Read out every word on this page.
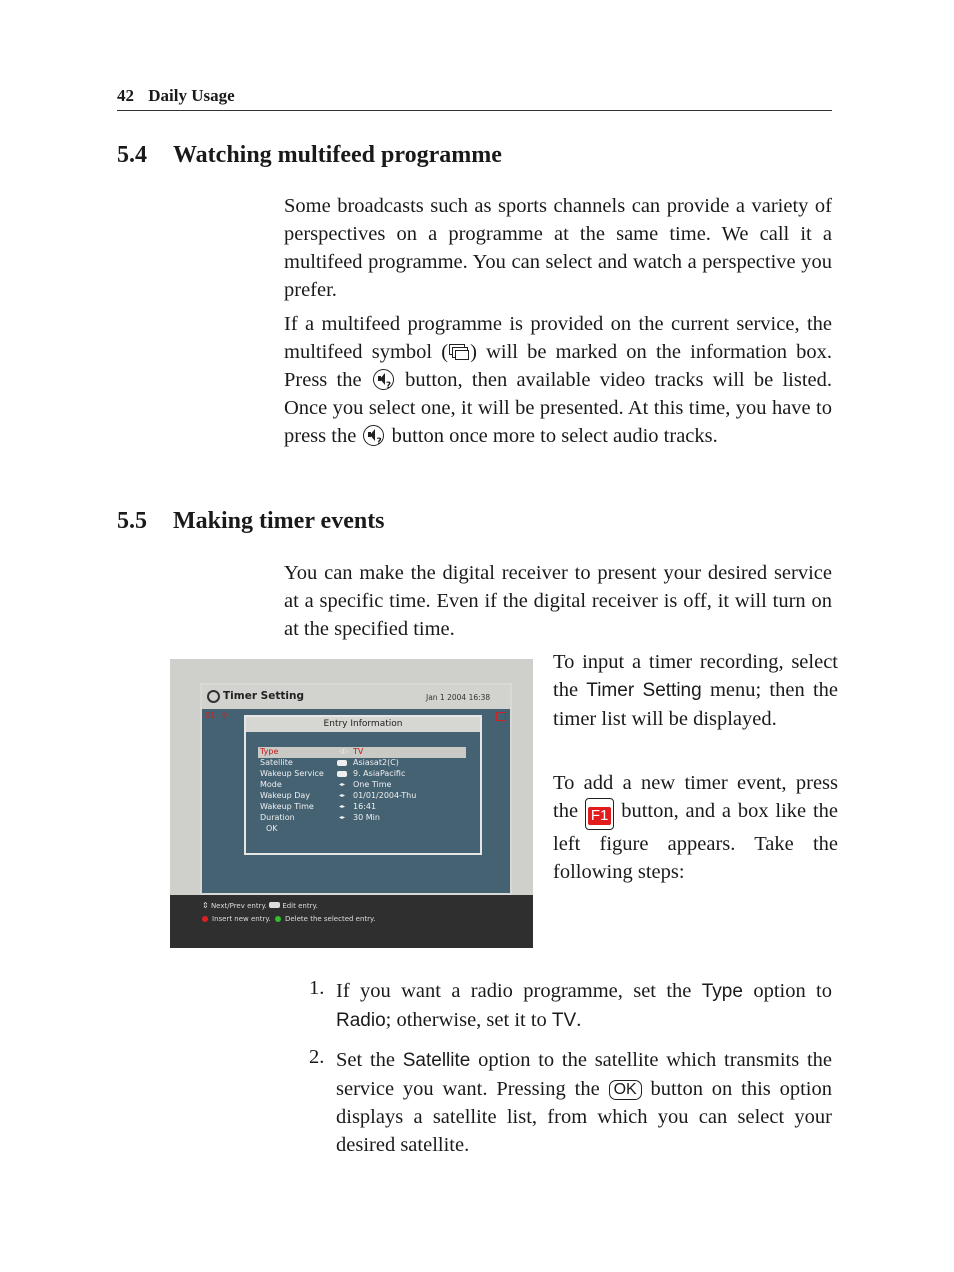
42 Daily Usage
5.4 Watching multifeed programme
Some broadcasts such as sports channels can provide a variety of perspectives on a programme at the same time. We call it a multifeed programme. You can select and watch a perspective you prefer.
If a multifeed programme is provided on the current service, the multifeed symbol ( ) will be marked on the information box. Press the	? button, then available video tracks will be listed. Once you select one, it will be presented. At this time, you have to press the ? button once more to select audio tracks.
5.5 Making timer events
You can make the digital receiver to present your desired service at a specific time. Even if the digital receiver is off, it will turn on at the specified time.
Timer Setting	Jan 1 2004 16:38
01 9
Entry Information
Type	◁▷ TV
Satellite	Asiasat2(C)
Wakeup Service	9. AsiaPacific
Mode	◂▸ One Time
Wakeup Day	◂▸ 01/01/2004-Thu
Wakeup Time	◂▸ 16:41
Duration	◂▸ 30 Min
OK
⇕ Next/Prev entry. Edit entry.
Insert new entry. Delete the selected entry.
To input a timer recording, select the Timer Setting menu; then the timer list will be displayed.
To add a new timer event, press the F1 button, and a box like the left figure appears. Take the following steps:
1. If you want a radio programme, set the Type option to Radio; otherwise, set it to TV.
2. Set the Satellite option to the satellite which transmits the service you want. Pressing the OK button on this option displays a satellite list, from which you can select your desired satellite.
